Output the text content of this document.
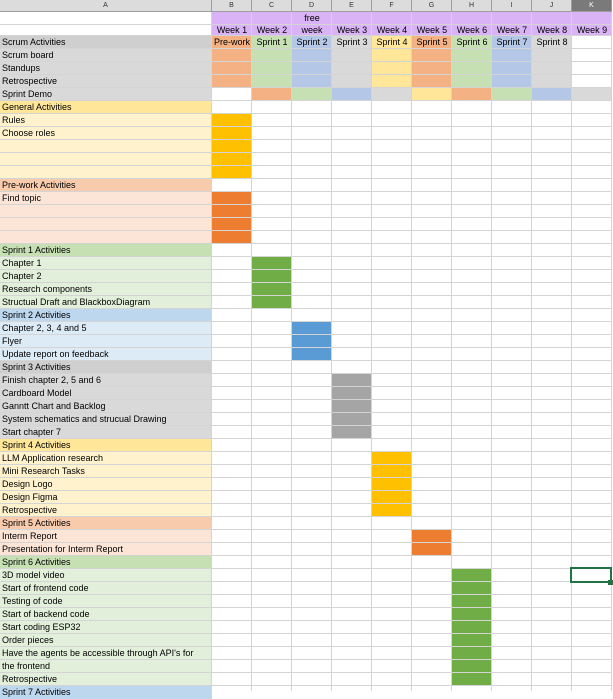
A	B	C	D	E	F	G	H	I	J	K
free
Week 1	Week 2	week	Week 3	Week 4	Week 5	Week 6	Week 7	Week 8	Week 9
Pre-work Sprint 1 Sprint 2 Sprint 3 Sprint 4 Sprint 5 Sprint 6 Sprint 7 Sprint 8
Scrum Activities
Scrum board
Standups
Retrospective
Sprint Demo
General Activities
Rules
Choose roles
Pre-work Activities
Find topic
Sprint 1 Activities
Chapter 1
Chapter 2
Research components
Structual Draft and BlackboxDiagram
Sprint 2 Activities
Chapter 2, 3, 4 and 5
Flyer
Update report on feedback
Sprint 3 Activities
Finish chapter 2, 5 and 6
Cardboard Model
Ganntt Chart and Backlog
System schematics and strucual Drawing
Start chapter 7
Sprint 4 Activities
LLM Application research
Mini Research Tasks
Design Logo
Design Figma
Retrospective
Sprint 5 Activities
Interm Report
Presentation for Interm Report
Sprint 6 Activities
3D model video
Start of frontend code
Testing of code
Start of backend code
Start coding ESP32
Order pieces
Have the agents be accessible through API's for
the frontend
Retrospective
Sprint 7 Activities
